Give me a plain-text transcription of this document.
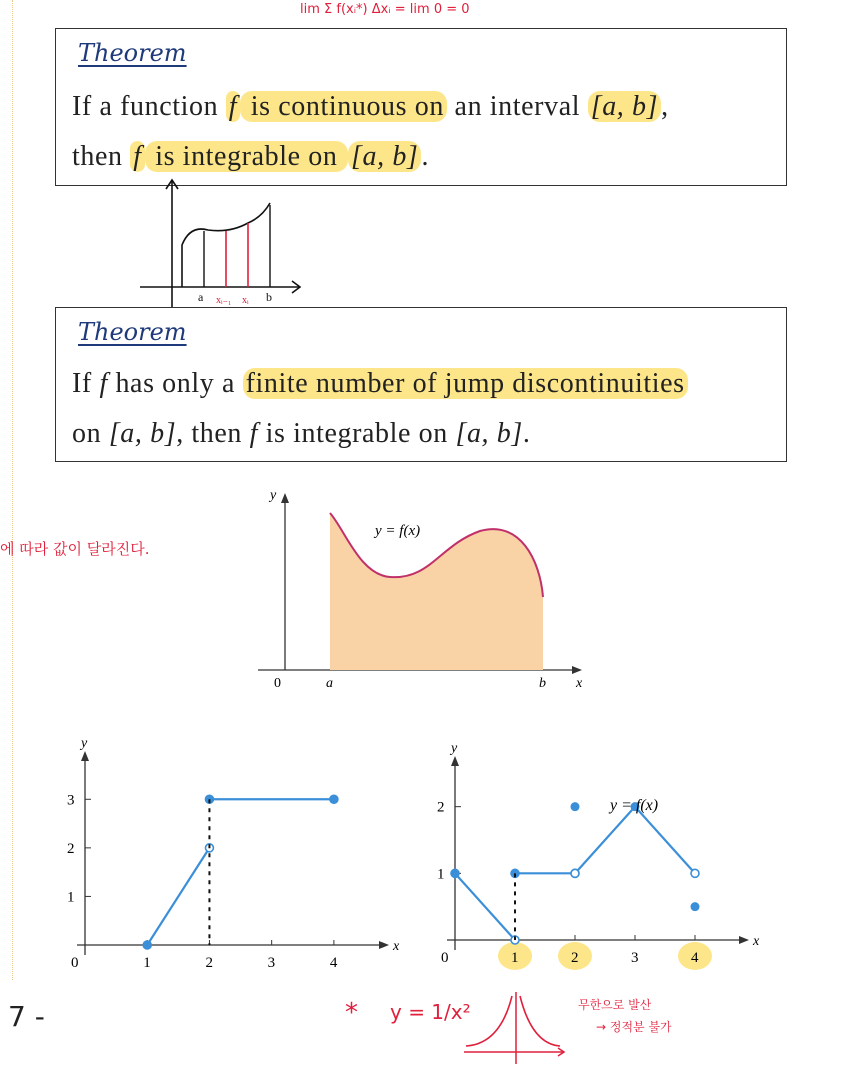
lim Σ f(xᵢ*) Δxᵢ = lim 0 = 0
Theorem
If a function f is continuous on an interval [a, b] ,
then f is integrable on [a, b] .
a xᵢ₋₁ xᵢ b
Theorem
If f has only a finite number of jump discontinuities
on [a, b], then f is integrable on [a, b].
에 따라 값이 달라진다.
y
x
0	a	b
y = f(x)
y
x
0	1	2	3	4
1
2
3
y
x
0	1	2	3	4
1
2	y = f(x)
7 -	* y = 1/x²	무한으로 발산
→ 정적분 불가
